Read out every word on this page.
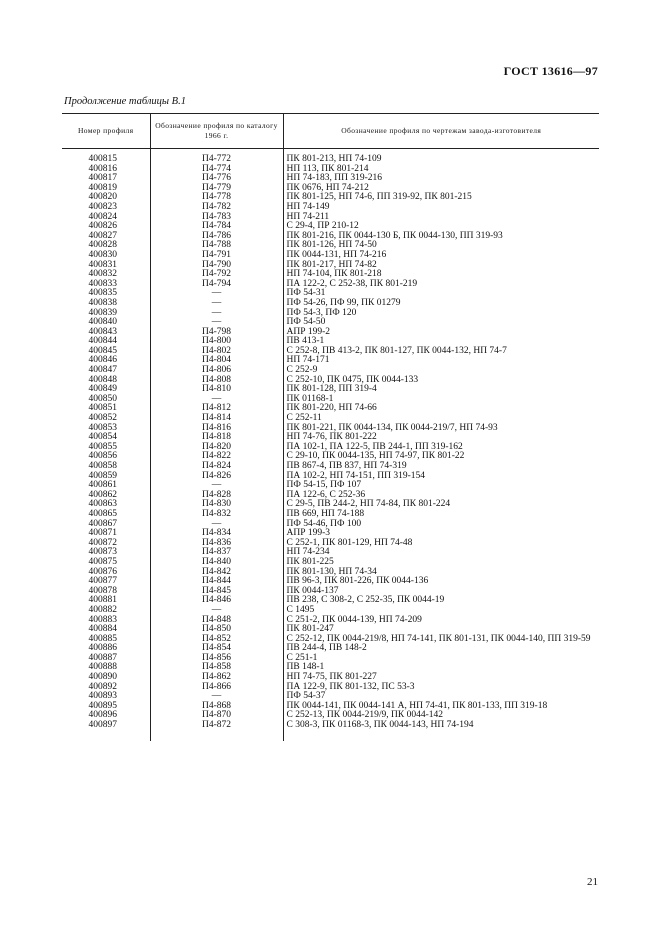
ГОСТ 13616—97
Продолжение таблицы В.1
Номер профиля	Обозначение профиля по каталогу 1966 г.	Обозначение профиля по чертежам завода-изготовителя
400815	П4-772	ПК 801-213, НП 74-109
400816	П4-774	НП 113, ПК 801-214
400817	П4-776	НП 74-183, ПП 319-216
400819	П4-779	ПК 0676, НП 74-212
400820	П4-778	ПК 801-125, НП 74-6, ПП 319-92, ПК 801-215
400823	П4-782	НП 74-149
400824	П4-783	НП 74-211
400826	П4-784	С 29-4, ПР 210-12
400827	П4-786	ПК 801-216, ПК 0044-130 Б, ПК 0044-130, ПП 319-93
400828	П4-788	ПК 801-126, НП 74-50
400830	П4-791	ПК 0044-131, НП 74-216
400831	П4-790	ПК 801-217, НП 74-82
400832	П4-792	НП 74-104, ПК 801-218
400833	П4-794	ПА 122-2, С 252-38, ПК 801-219
400835	—	ПФ 54-31
400838	—	ПФ 54-26, ПФ 99, ПК 01279
400839	—	ПФ 54-3, ПФ 120
400840	—	ПФ 54-50
400843	П4-798	АПР 199-2
400844	П4-800	ПВ 413-1
400845	П4-802	С 252-8, ПВ 413-2, ПК 801-127, ПК 0044-132, НП 74-7
400846	П4-804	НП 74-171
400847	П4-806	С 252-9
400848	П4-808	С 252-10, ПК 0475, ПК 0044-133
400849	П4-810	ПК 801-128, ПП 319-4
400850	—	ПК 01168-1
400851	П4-812	ПК 801-220, НП 74-66
400852	П4-814	С 252-11
400853	П4-816	ПК 801-221, ПК 0044-134, ПК 0044-219/7, НП 74-93
400854	П4-818	НП 74-76, ПК 801-222
400855	П4-820	ПА 102-1, ПА 122-5, ПВ 244-1, ПП 319-162
400856	П4-822	С 29-10, ПК 0044-135, НП 74-97, ПК 801-22
400858	П4-824	ПВ 867-4, ПВ 837, НП 74-319
400859	П4-826	ПА 102-2, НП 74-151, ПП 319-154
400861	—	ПФ 54-15, ПФ 107
400862	П4-828	ПА 122-6, С 252-36
400863	П4-830	С 29-5, ПВ 244-2, НП 74-84, ПК 801-224
400865	П4-832	ПВ 669, НП 74-188
400867	—	ПФ 54-46, ПФ 100
400871	П4-834	АПР 199-3
400872	П4-836	С 252-1, ПК 801-129, НП 74-48
400873	П4-837	НП 74-234
400875	П4-840	ПК 801-225
400876	П4-842	ПК 801-130, НП 74-34
400877	П4-844	ПВ 96-3, ПК 801-226, ПК 0044-136
400878	П4-845	ПК 0044-137
400881	П4-846	ПВ 238, С 308-2, С 252-35, ПК 0044-19
400882	—	С 1495
400883	П4-848	С 251-2, ПК 0044-139, НП 74-209
400884	П4-850	ПК 801-247
400885	П4-852	С 252-12, ПК 0044-219/8, НП 74-141, ПК 801-131, ПК 0044-140, ПП 319-59
400886	П4-854	ПВ 244-4, ПВ 148-2
400887	П4-856	С 251-1
400888	П4-858	ПВ 148-1
400890	П4-862	НП 74-75, ПК 801-227
400892	П4-866	ПА 122-9, ПК 801-132, ПС 53-3
400893	—	ПФ 54-37
400895	П4-868	ПК 0044-141, ПК 0044-141 А, НП 74-41, ПК 801-133, ПП 319-18
400896	П4-870	С 252-13, ПК 0044-219/9, ПК 0044-142
400897	П4-872	С 308-3, ПК 01168-3, ПК 0044-143, НП 74-194
21
